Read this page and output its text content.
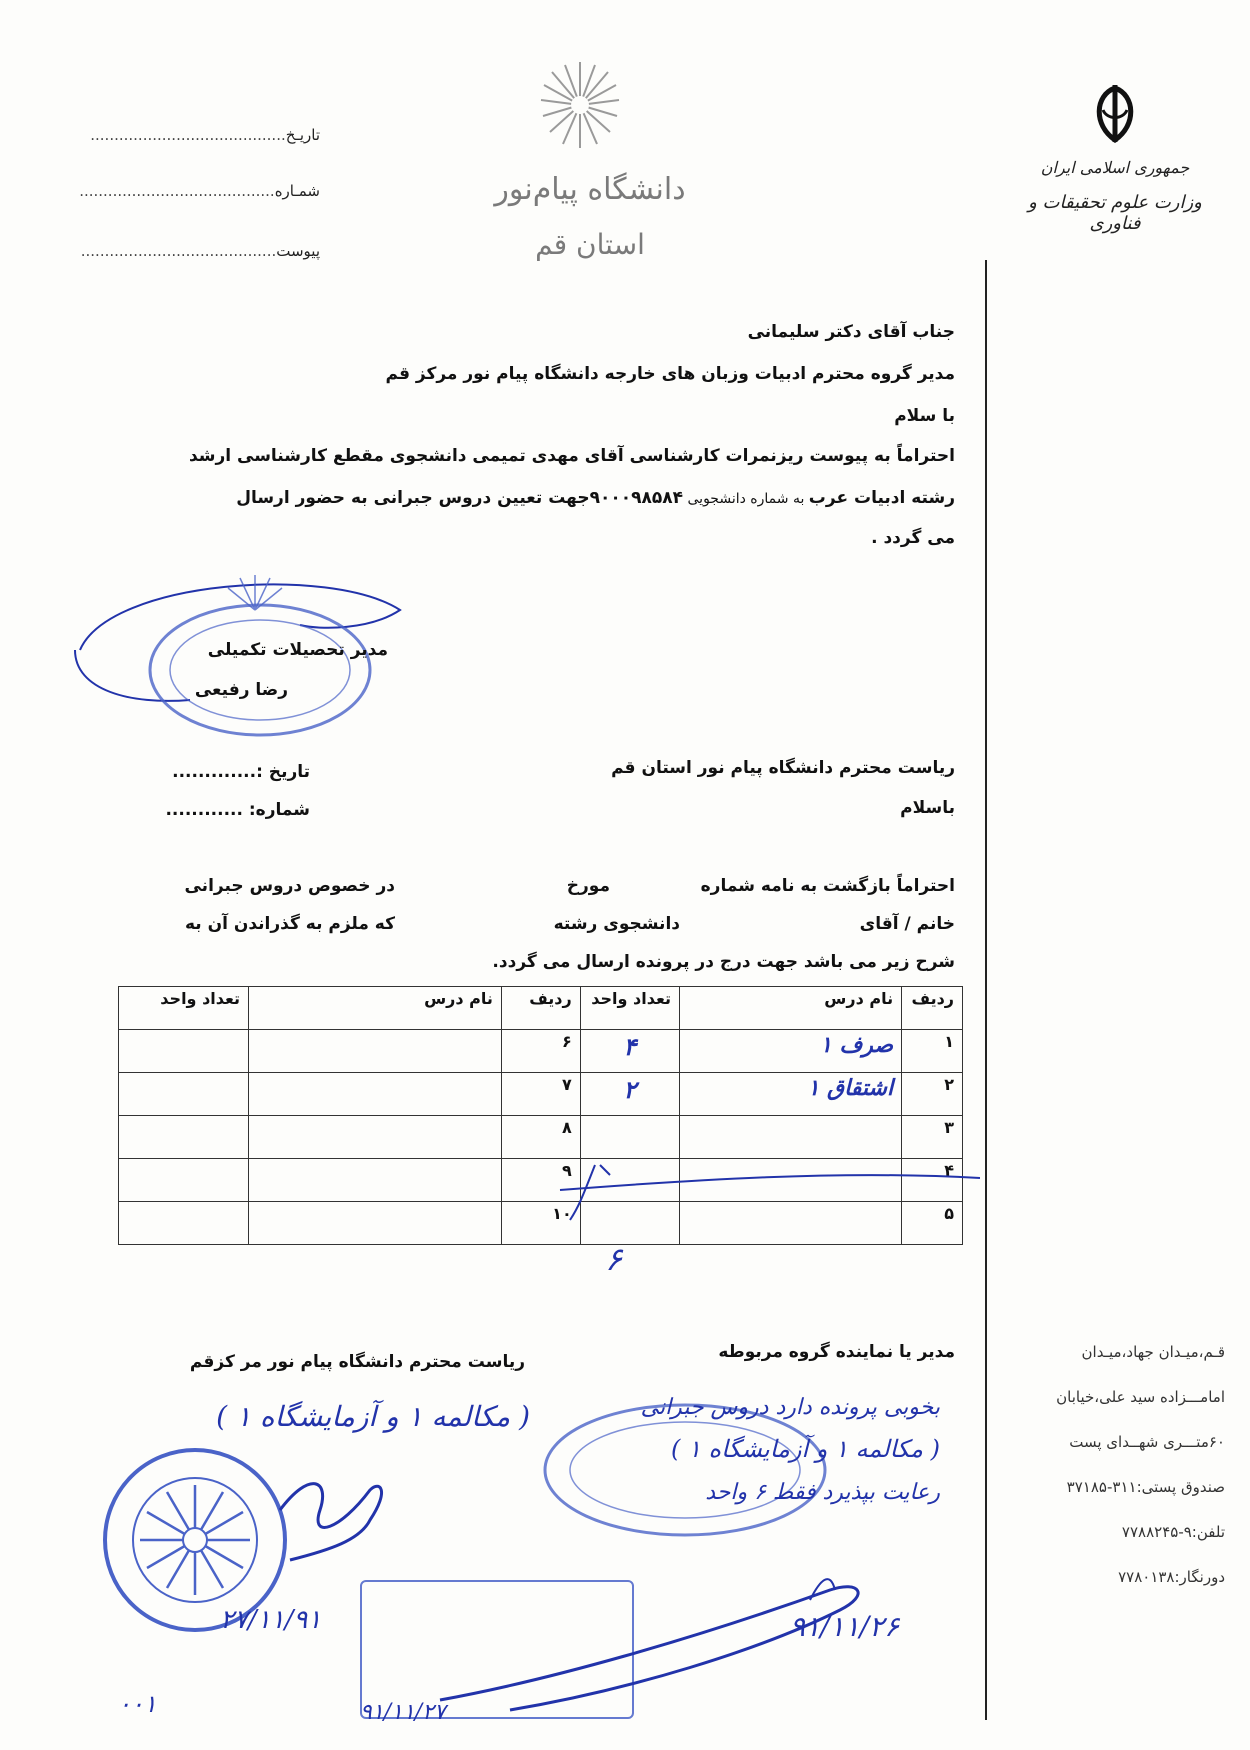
جمهوری اسلامی ایران
وزارت علوم تحقیقات و فناوری
دانشگاه پیام‌نور
استان قم
تاریـخ.........................................
شمـاره.........................................
پیوست.........................................
جناب آقای دکتر سلیمانی
مدیر گروه محترم ادبیات وزبان های خارجه دانشگاه پیام نور مرکز قم
با سلام
احتراماً به پیوست ریزنمرات کارشناسی آقای مهدی تمیمی دانشجوی مقطع کارشناسی ارشد
رشته ادبیات عرب به شماره دانشجویی ۹۰۰۰۹۸۵۸۴جهت تعیین دروس جبرانی به حضور ارسال
می گردد .
مدیر تحصیلات تکمیلی
رضا رفیعی
ریاست محترم دانشگاه پیام نور استان قم
باسلام
تاریخ :.............
شماره: ............
احتراماً بازگشت به نامه شماره
مورخ
در خصوص دروس جبرانی
خانم / آقای
دانشجوی رشته
که ملزم به گذراندن آن به
شرح زیر می باشد جهت درج در پرونده ارسال می گردد.
ردیف	نام درس	تعداد واحد	ردیف	نام درس	تعداد واحد
۱	صرف ۱	۴	۶		
۲	اشتقاق ۱	۲	۷		
۳			۸		
۴			۹		
۵			۱۰		
۶
مدیر یا نماینده گروه مربوطه
ریاست محترم دانشگاه پیام نور مر کزقم
( مکالمه ۱ و آزمایشگاه ۱ )
۲۷/۱۱/۹۱
۰۰۱
بخوبی پرونده دارد دروس جبرانی
( مکالمه ۱ و آزمایشگاه ۱ )
رعایت بپذیرد فقط ۶ واحد
۹۱/۱۱/۲۶
۹۱/۱۱/۲۷
قـم،میـدان جهاد،میـدان
امامـــزاده سید علی،خیابان
۶۰متـــری شهــدای پست
صندوق پستی:۳۱۱-۳۷۱۸۵
تلفن:۹-۷۷۸۸۲۴۵
دورنگار:۷۷۸۰۱۳۸
